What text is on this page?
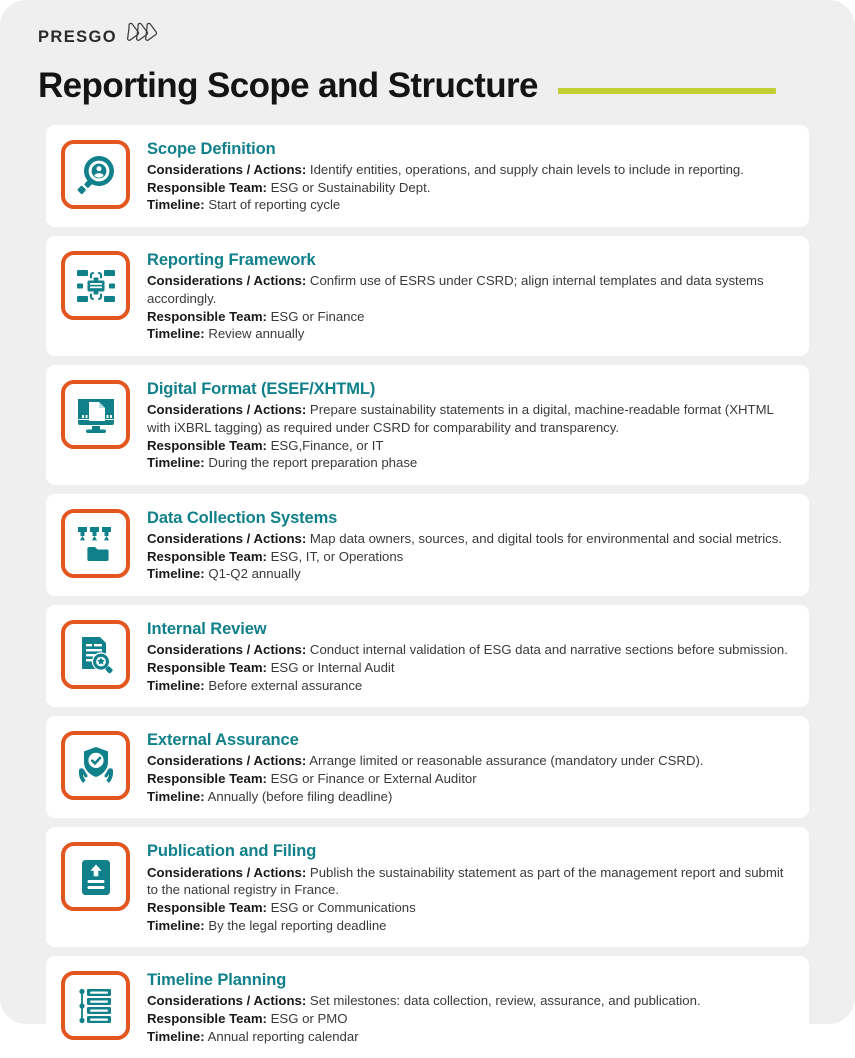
PRESGO
Reporting Scope and Structure
Scope Definition
Considerations / Actions: Identify entities, operations, and supply chain levels to include in reporting.
Responsible Team: ESG or Sustainability Dept.
Timeline: Start of reporting cycle
Reporting Framework
Considerations / Actions: Confirm use of ESRS under CSRD; align internal templates and data systems accordingly.
Responsible Team: ESG or Finance
Timeline: Review annually
Digital Format (ESEF/XHTML)
Considerations / Actions: Prepare sustainability statements in a digital, machine-readable format (XHTML with iXBRL tagging) as required under CSRD for comparability and transparency.
Responsible Team: ESG,Finance, or IT
Timeline: During the report preparation phase
Data Collection Systems
Considerations / Actions: Map data owners, sources, and digital tools for environmental and social metrics.
Responsible Team: ESG, IT, or Operations
Timeline: Q1-Q2 annually
Internal Review
Considerations / Actions: Conduct internal validation of ESG data and narrative sections before submission.
Responsible Team: ESG or Internal Audit
Timeline: Before external assurance
External Assurance
Considerations / Actions: Arrange limited or reasonable assurance (mandatory under CSRD).
Responsible Team: ESG or Finance or External Auditor
Timeline: Annually (before filing deadline)
Publication and Filing
Considerations / Actions: Publish the sustainability statement as part of the management report and submit to the national registry in France.
Responsible Team: ESG or Communications
Timeline: By the legal reporting deadline
Timeline Planning
Considerations / Actions: Set milestones: data collection, review, assurance, and publication.
Responsible Team: ESG or PMO
Timeline: Annual reporting calendar
